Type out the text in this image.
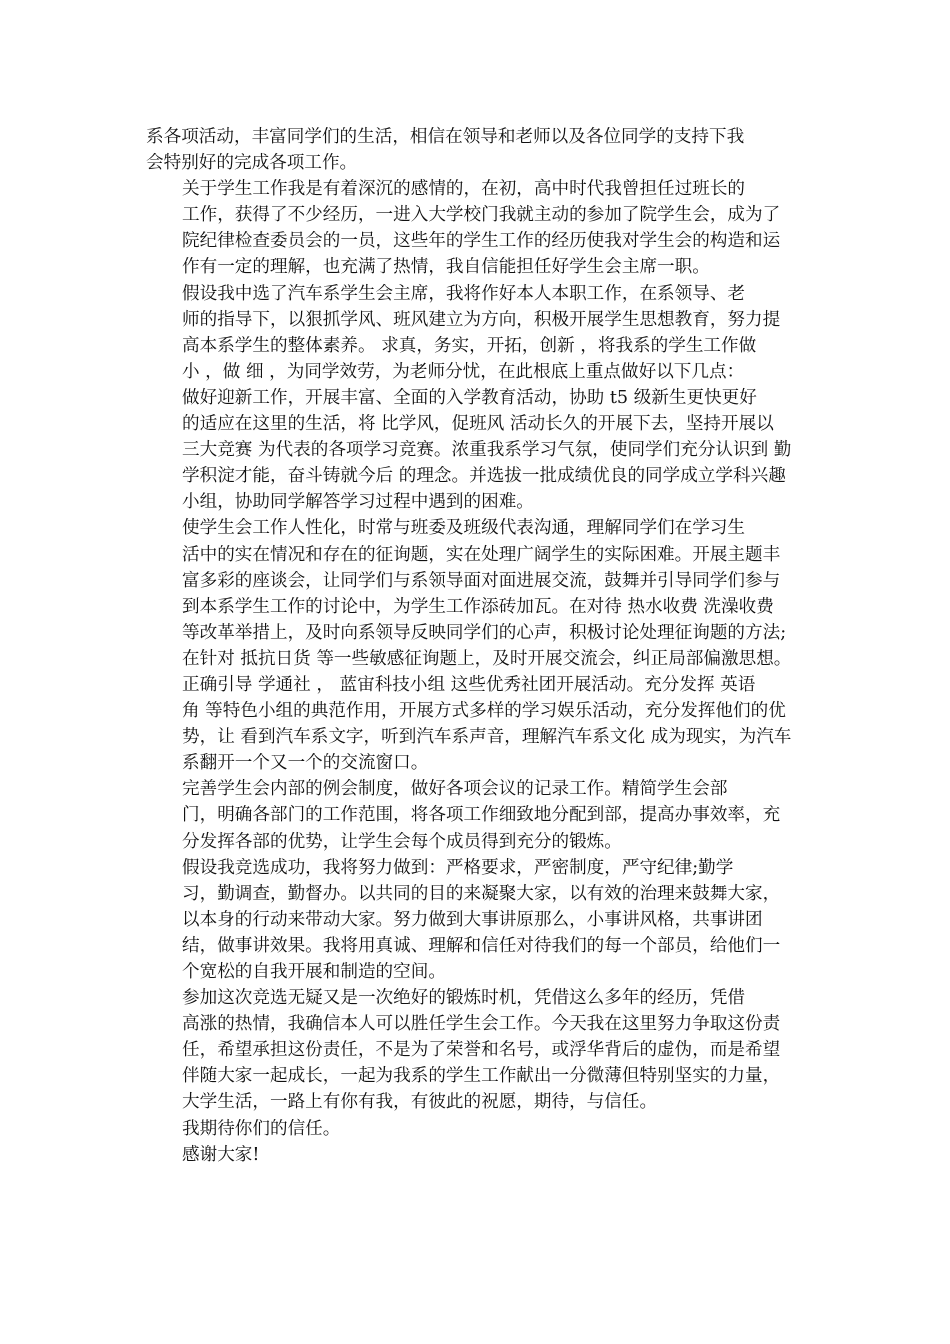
系各项活动，丰富同学们的生活，相信在领导和老师以及各位同学的支持下我
会特别好的完成各项工作。

关于学生工作我是有着深沉的感情的，在初，高中时代我曾担任过班长的
工作，获得了不少经历，一进入大学校门我就主动的参加了院学生会，成为了
院纪律检查委员会的一员，这些年的学生工作的经历使我对学生会的构造和运
作有一定的理解，也充满了热情，我自信能担任好学生会主席一职。

假设我中选了汽车系学生会主席，我将作好本人本职工作，在系领导、老
师的指导下，以狠抓学风、班风建立为方向，积极开展学生思想教育，努力提
高本系学生的整体素养。 求真，务实，开拓，创新 ，将我系的学生工作做
小 ，做 细 ，为同学效劳，为老师分忧，在此根底上重点做好以下几点：

做好迎新工作，开展丰富、全面的入学教育活动，协助 t5 级新生更快更好
的适应在这里的生活，将 比学风，促班风 活动长久的开展下去，坚持开展以
三大竞赛 为代表的各项学习竞赛。浓重我系学习气氛，使同学们充分认识到 勤
学积淀才能，奋斗铸就今后 的理念。并选拔一批成绩优良的同学成立学科兴趣
小组，协助同学解答学习过程中遇到的困难。

使学生会工作人性化，时常与班委及班级代表沟通，理解同学们在学习生
活中的实在情况和存在的征询题，实在处理广阔学生的实际困难。开展主题丰
富多彩的座谈会，让同学们与系领导面对面进展交流，鼓舞并引导同学们参与
到本系学生工作的讨论中，为学生工作添砖加瓦。在对待 热水收费 洗澡收费
等改革举措上，及时向系领导反映同学们的心声，积极讨论处理征询题的方法;
在针对 抵抗日货 等一些敏感征询题上，及时开展交流会，纠正局部偏激思想。

正确引导 学通社 ， 蓝宙科技小组 这些优秀社团开展活动。充分发挥 英语
角 等特色小组的典范作用，开展方式多样的学习娱乐活动，充分发挥他们的优
势，让 看到汽车系文字，听到汽车系声音，理解汽车系文化 成为现实，为汽车
系翻开一个又一个的交流窗口。

完善学生会内部的例会制度，做好各项会议的记录工作。精简学生会部
门，明确各部门的工作范围，将各项工作细致地分配到部，提高办事效率，充
分发挥各部的优势，让学生会每个成员得到充分的锻炼。

假设我竞选成功，我将努力做到：严格要求，严密制度，严守纪律;勤学
习，勤调查，勤督办。以共同的目的来凝聚大家，以有效的治理来鼓舞大家，
以本身的行动来带动大家。努力做到大事讲原那么，小事讲风格，共事讲团
结，做事讲效果。我将用真诚、理解和信任对待我们的每一个部员，给他们一
个宽松的自我开展和制造的空间。

参加这次竞选无疑又是一次绝好的锻炼时机，凭借这么多年的经历，凭借
高涨的热情，我确信本人可以胜任学生会工作。今天我在这里努力争取这份责
任，希望承担这份责任，不是为了荣誉和名号，或浮华背后的虚伪，而是希望
伴随大家一起成长，一起为我系的学生工作献出一分微薄但特别坚实的力量，
大学生活，一路上有你有我，有彼此的祝愿，期待，与信任。

我期待你们的信任。

感谢大家!
